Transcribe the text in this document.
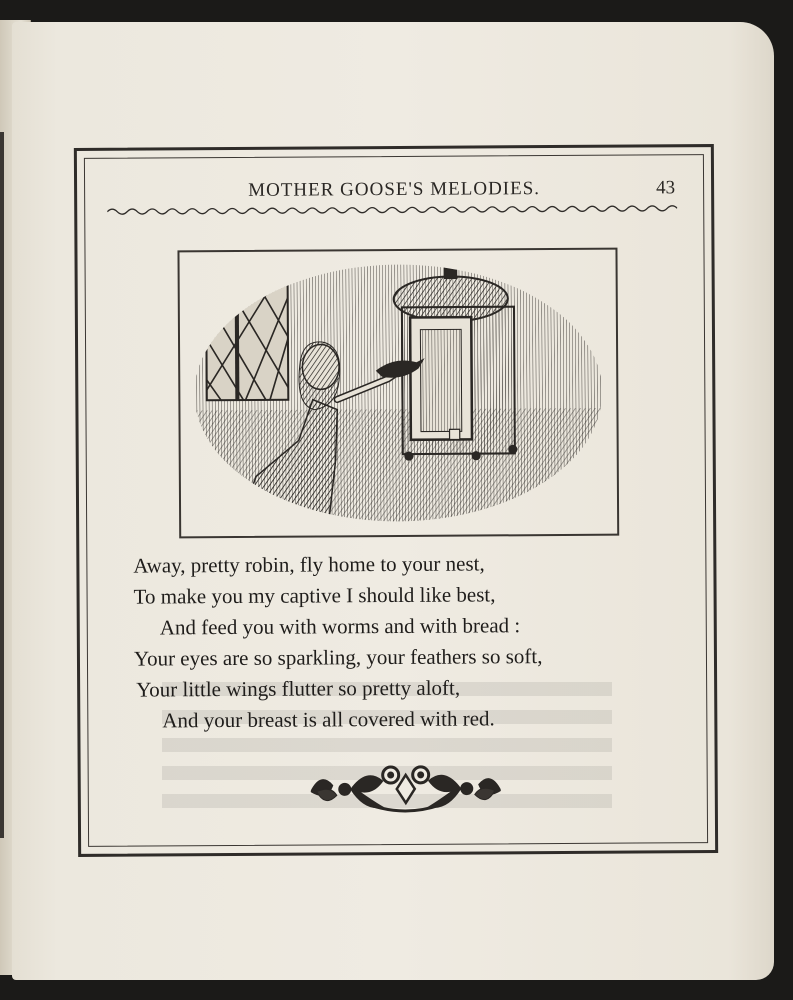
MOTHER GOOSE'S MELODIES.	43
Away, pretty robin, fly home to your nest,
To make you my captive I should like best,
And feed you with worms and with bread :
Your eyes are so sparkling, your feathers so soft,
Your little wings flutter so pretty aloft,
And your breast is all covered with red.
